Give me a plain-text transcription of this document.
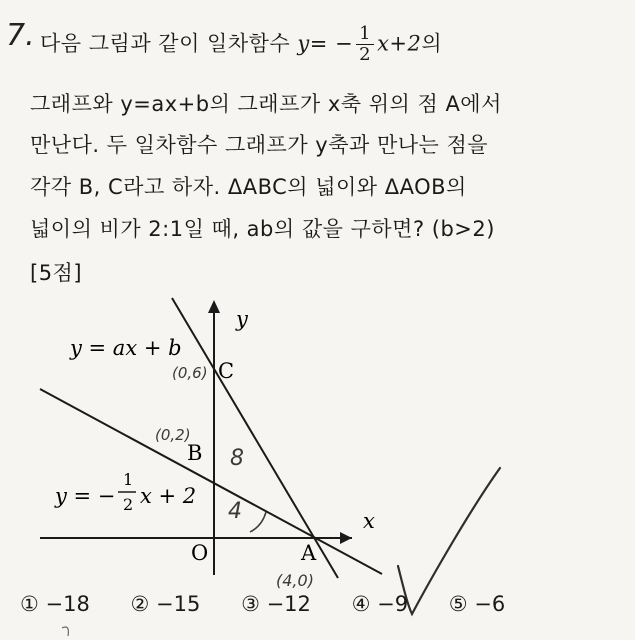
7. 다음 그림과 같이 일차함수 $y= - \frac{1}{2} x+2$의
그래프와 y=ax+b의 그래프가 x축 위의 점 A에서
만난다. 두 일차함수 그래프가 y축과 만나는 점을
각각 B, C라고 하자. ΔABC의 넓이와 ΔAOB의
넓이의 비가 2:1일 때, ab의 값을 구하면? (b>2)
[5점]
y = ax + b
y
x
C
B
A
O
y = −
1
2 x + 2
(0,6)
(0,2)
8
4
(4,0)
① −18 ② −15 ③ −12 ④ −9 ⑤ −6
